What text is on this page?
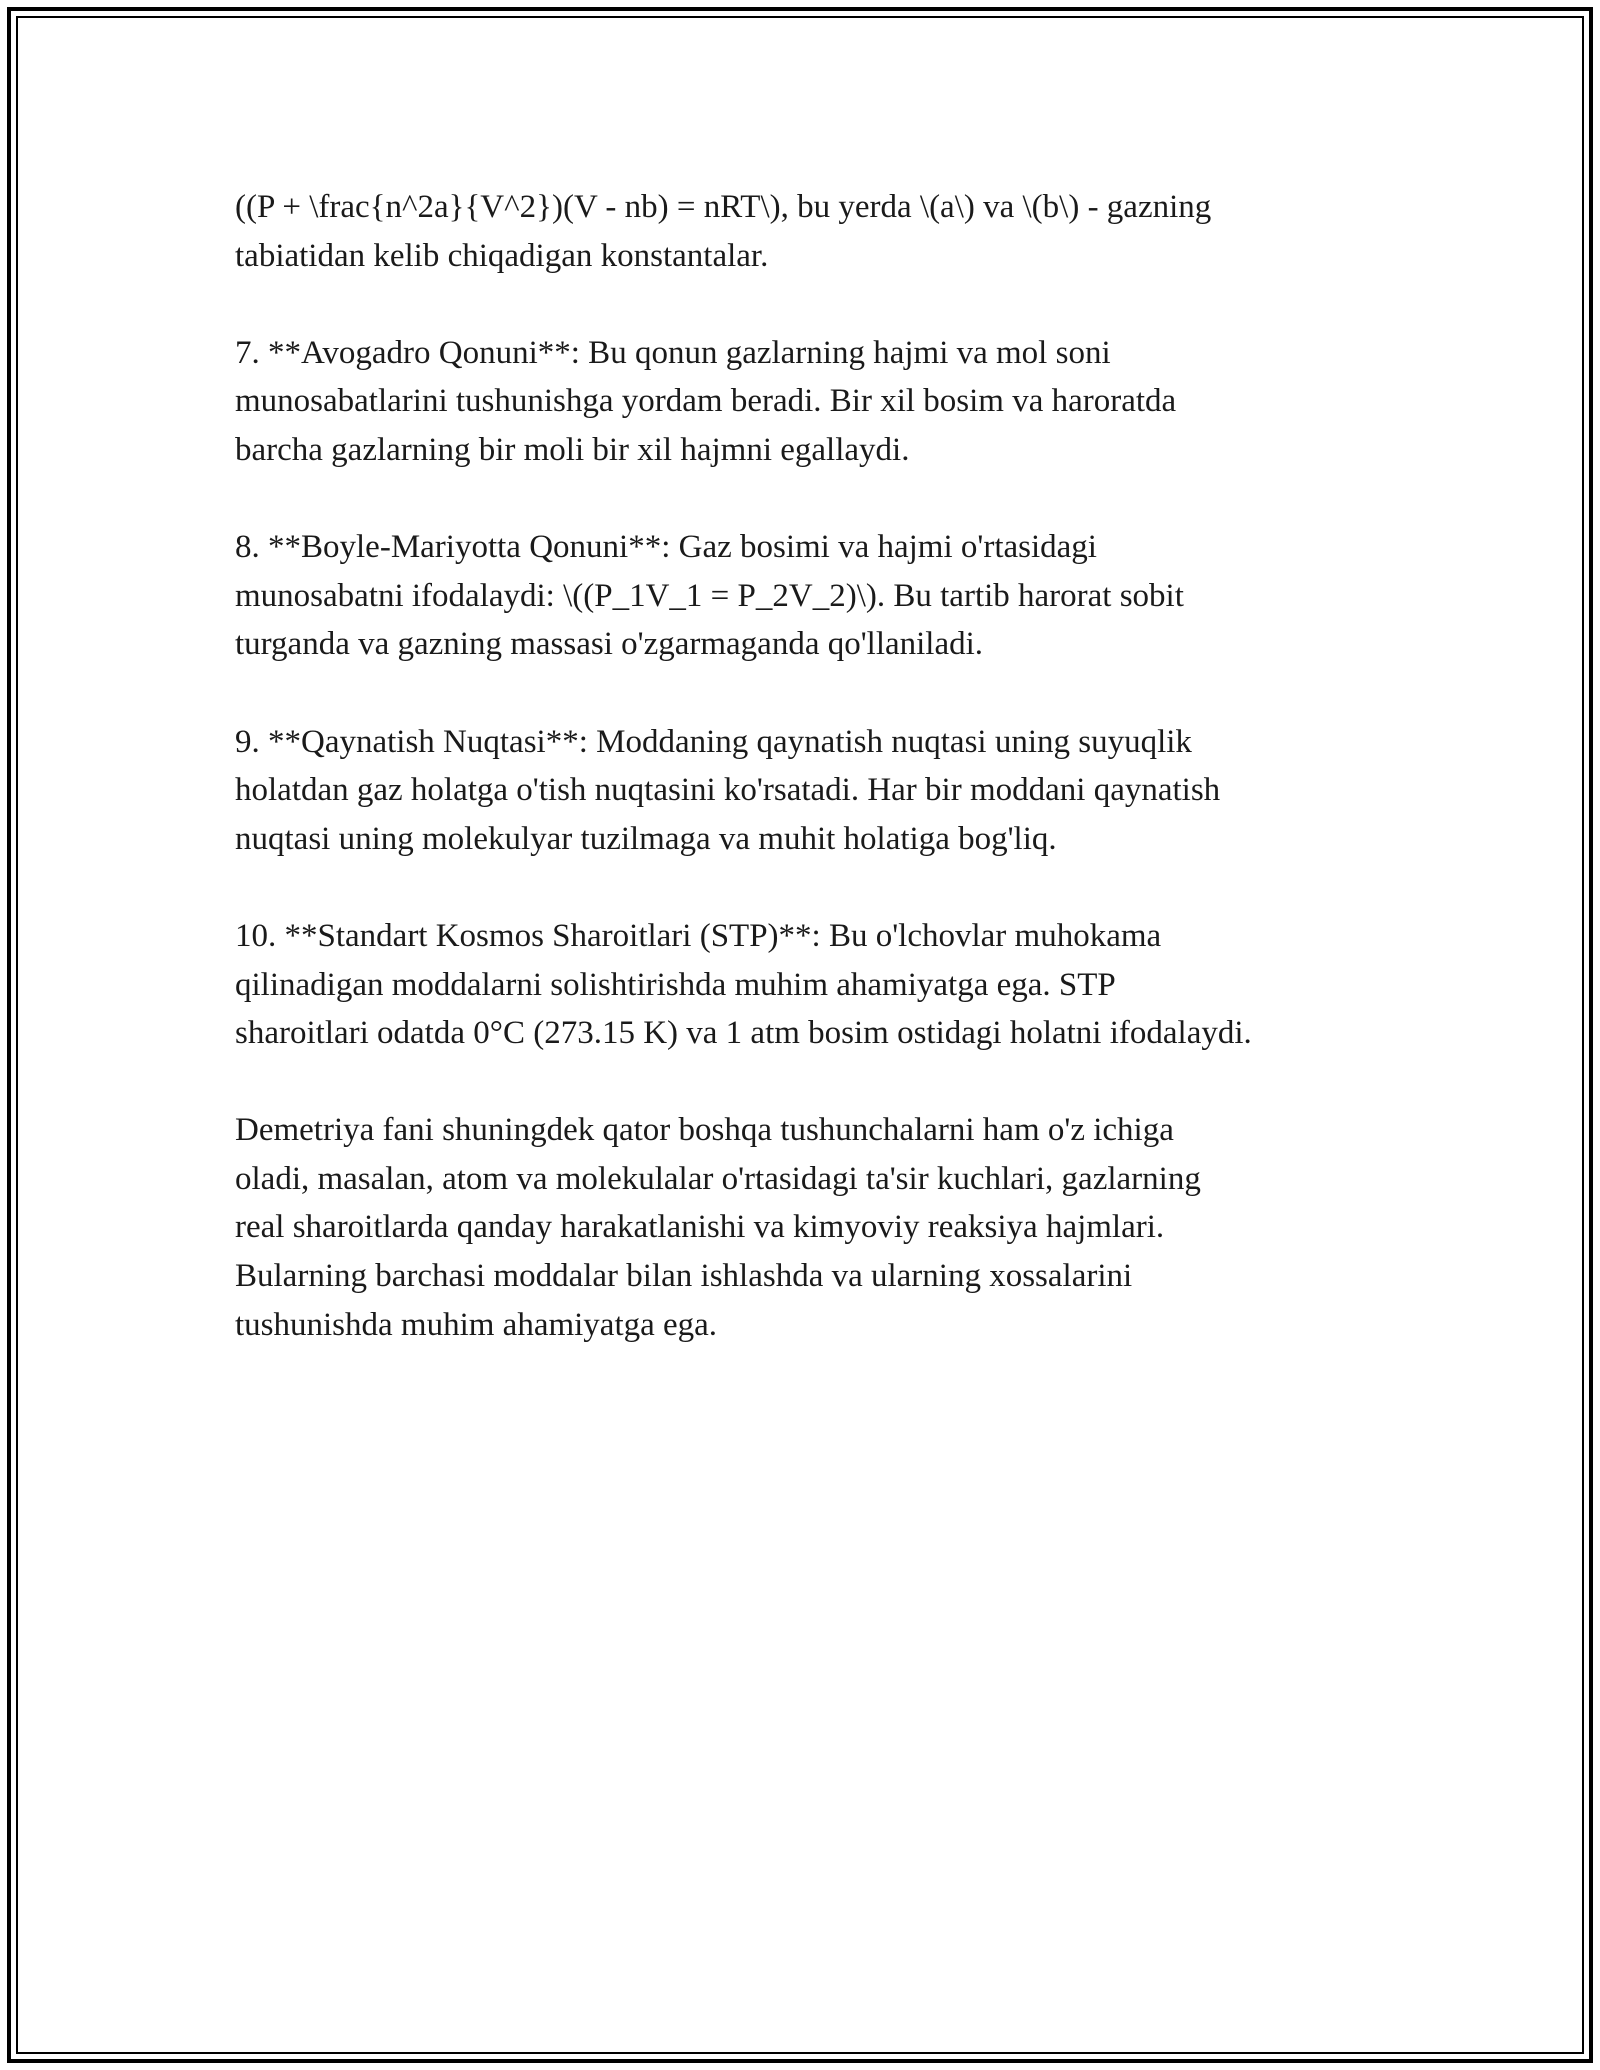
((P + \frac{n^2a}{V^2})(V - nb) = nRT\), bu yerda \(a\) va \(b\) - gazning
tabiatidan kelib chiqadigan konstantalar.

7. **Avogadro Qonuni**: Bu qonun gazlarning hajmi va mol soni
munosabatlarini tushunishga yordam beradi. Bir xil bosim va haroratda
barcha gazlarning bir moli bir xil hajmni egallaydi.

8. **Boyle-Mariyotta Qonuni**: Gaz bosimi va hajmi o'rtasidagi
munosabatni ifodalaydi: \((P_1V_1 = P_2V_2)\). Bu tartib harorat sobit
turganda va gazning massasi o'zgarmaganda qo'llaniladi.

9. **Qaynatish Nuqtasi**: Moddaning qaynatish nuqtasi uning suyuqlik
holatdan gaz holatga o'tish nuqtasini ko'rsatadi. Har bir moddani qaynatish
nuqtasi uning molekulyar tuzilmaga va muhit holatiga bog'liq.

10. **Standart Kosmos Sharoitlari (STP)**: Bu o'lchovlar muhokama
qilinadigan moddalarni solishtirishda muhim ahamiyatga ega. STP
sharoitlari odatda 0°C (273.15 K) va 1 atm bosim ostidagi holatni ifodalaydi.

Demetriya fani shuningdek qator boshqa tushunchalarni ham o'z ichiga
oladi, masalan, atom va molekulalar o'rtasidagi ta'sir kuchlari, gazlarning
real sharoitlarda qanday harakatlanishi va kimyoviy reaksiya hajmlari.
Bularning barchasi moddalar bilan ishlashda va ularning xossalarini
tushunishda muhim ahamiyatga ega.
